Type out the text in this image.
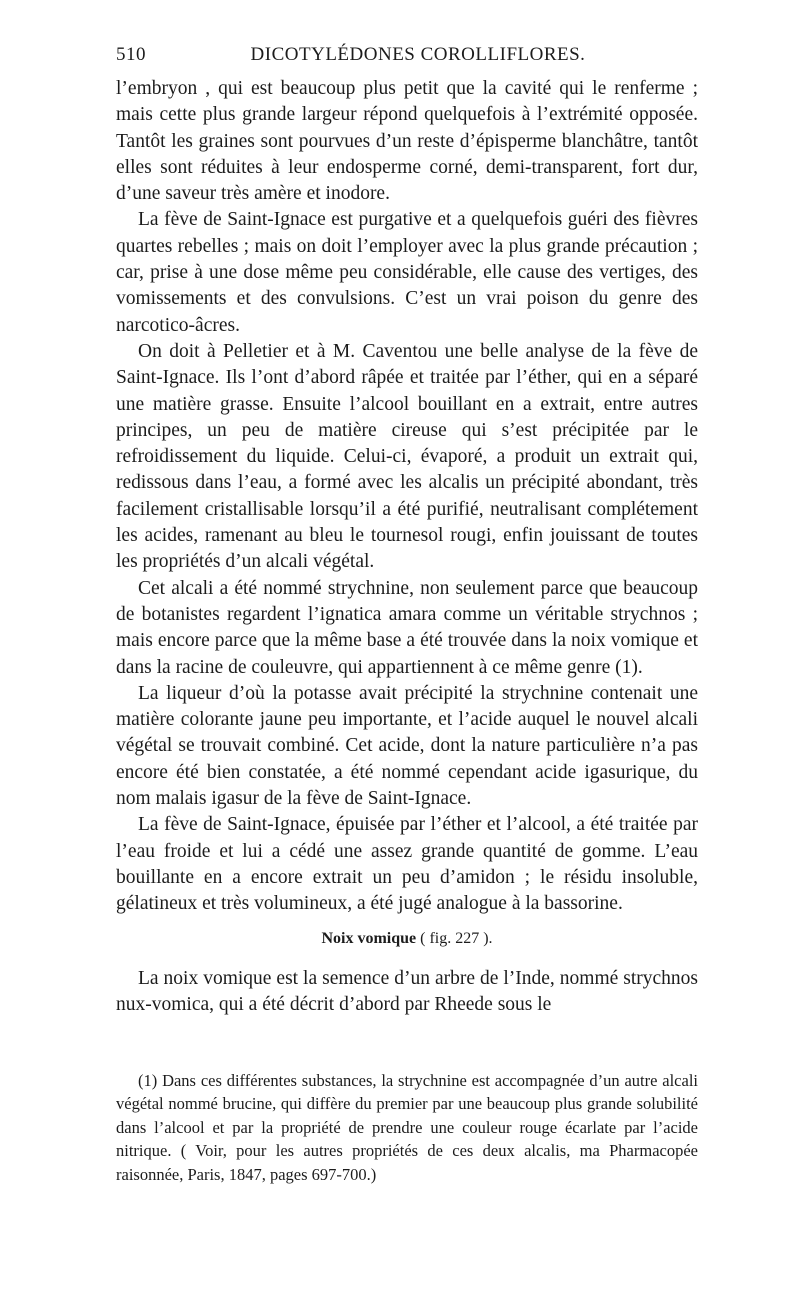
510	DICOTYLÉDONES COROLLIFLORES.

l’embryon , qui est beaucoup plus petit que la cavité qui le renferme ; mais cette plus grande largeur répond quelquefois à l’extrémité opposée. Tantôt les graines sont pourvues d’un reste d’épisperme blanchâtre, tantôt elles sont réduites à leur endosperme corné, demi-transparent, fort dur, d’une saveur très amère et inodore.

La fève de Saint-Ignace est purgative et a quelquefois guéri des fièvres quartes rebelles ; mais on doit l’employer avec la plus grande précaution ; car, prise à une dose même peu considérable, elle cause des vertiges, des vomissements et des convulsions. C’est un vrai poison du genre des narcotico-âcres.

On doit à Pelletier et à M. Caventou une belle analyse de la fève de Saint-Ignace. Ils l’ont d’abord râpée et traitée par l’éther, qui en a séparé une matière grasse. Ensuite l’alcool bouillant en a extrait, entre autres principes, un peu de matière cireuse qui s’est précipitée par le refroidissement du liquide. Celui-ci, évaporé, a produit un extrait qui, redissous dans l’eau, a formé avec les alcalis un précipité abondant, très facilement cristallisable lorsqu’il a été purifié, neutralisant complétement les acides, ramenant au bleu le tournesol rougi, enfin jouissant de toutes les propriétés d’un alcali végétal.

Cet alcali a été nommé strychnine, non seulement parce que beaucoup de botanistes regardent l’ignatica amara comme un véritable strychnos ; mais encore parce que la même base a été trouvée dans la noix vomique et dans la racine de couleuvre, qui appartiennent à ce même genre (1).

La liqueur d’où la potasse avait précipité la strychnine contenait une matière colorante jaune peu importante, et l’acide auquel le nouvel alcali végétal se trouvait combiné. Cet acide, dont la nature particulière n’a pas encore été bien constatée, a été nommé cependant acide igasurique, du nom malais igasur de la fève de Saint-Ignace.

La fève de Saint-Ignace, épuisée par l’éther et l’alcool, a été traitée par l’eau froide et lui a cédé une assez grande quantité de gomme. L’eau bouillante en a encore extrait un peu d’amidon ; le résidu insoluble, gélatineux et très volumineux, a été jugé analogue à la bassorine.

Noix vomique ( fig. 227 ).

La noix vomique est la semence d’un arbre de l’Inde, nommé strychnos nux-vomica, qui a été décrit d’abord par Rheede sous le

(1) Dans ces différentes substances, la strychnine est accompagnée d’un autre alcali végétal nommé brucine, qui diffère du premier par une beaucoup plus grande solubilité dans l’alcool et par la propriété de prendre une couleur rouge écarlate par l’acide nitrique. ( Voir, pour les autres propriétés de ces deux alcalis, ma Pharmacopée raisonnée, Paris, 1847, pages 697-700.)
